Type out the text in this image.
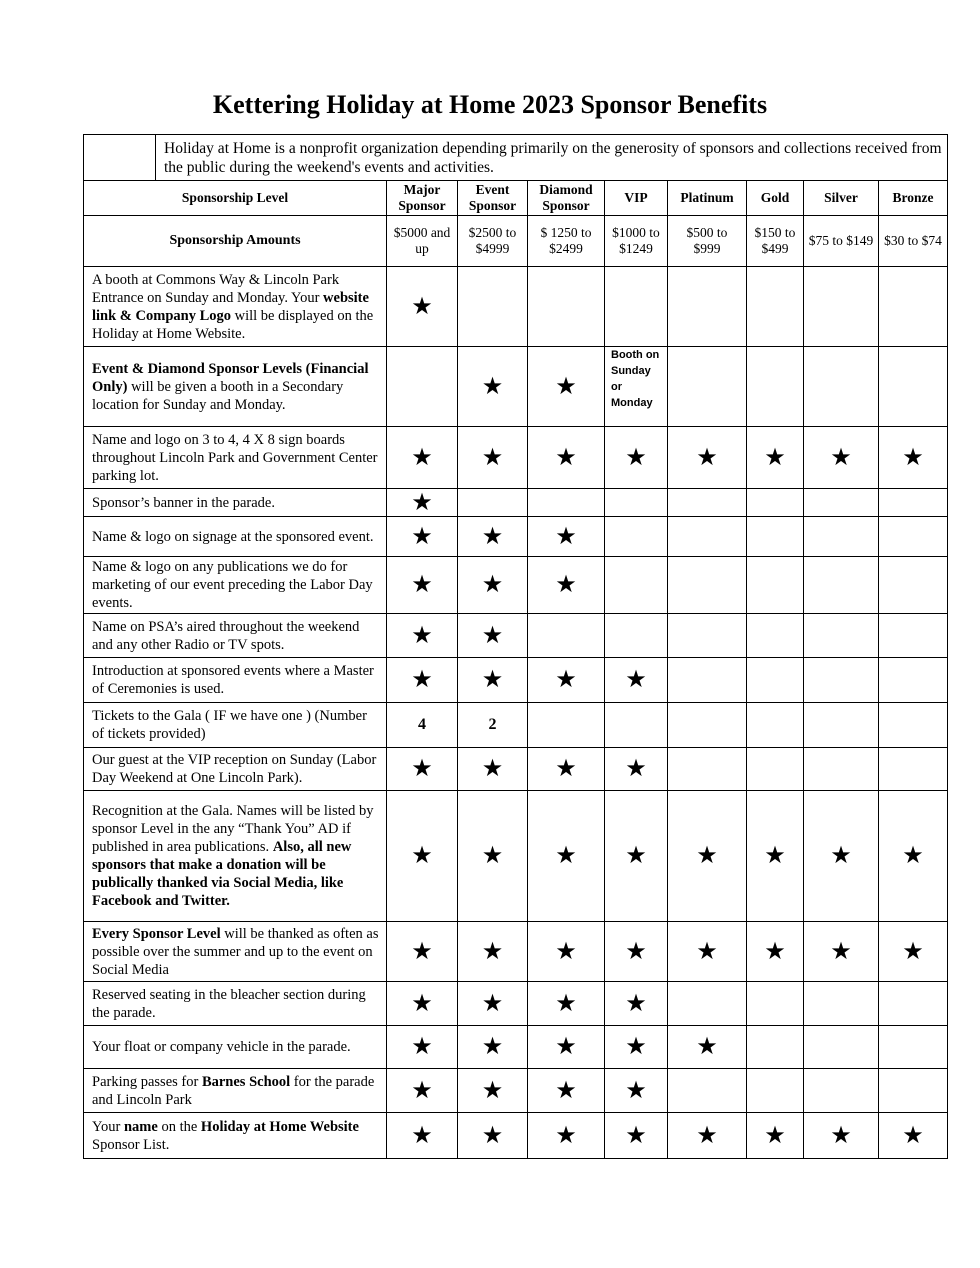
Kettering Holiday at Home 2023 Sponsor Benefits
	Holiday at Home is a nonprofit organization depending primarily on the generosity of sponsors and collections received from the public during the weekend's events and activities.								
Sponsorship Level		Major Sponsor	Event Sponsor	Diamond Sponsor	VIP	Platinum	Gold	Silver	Bronze
Sponsorship Amounts		$5000 and up	$2500 to $4999	$ 1250 to $2499	$1000 to $1249	$500 to $999	$150 to $499	$75 to $149	$30 to $74
A booth at Commons Way & Lincoln Park Entrance on Sunday and Monday. Your website link & Company Logo will be displayed on the Holiday at Home Website.		★							
Event & Diamond Sponsor Levels (Financial Only) will be given a booth in a Secondary location for Sunday and Monday.			★	★	Booth on Sunday or Monday				
Name and logo on 3 to 4, 4 X 8 sign boards throughout Lincoln Park and Government Center parking lot.		★	★	★	★	★	★	★	★
Sponsor’s banner in the parade.		★							
Name & logo on signage at the sponsored event.		★	★	★					
Name & logo on any publications we do for marketing of our event preceding the Labor Day events.		★	★	★					
Name on PSA’s aired throughout the weekend and any other Radio or TV spots.		★	★						
Introduction at sponsored events where a Master of Ceremonies is used.		★	★	★	★				
Tickets to the Gala ( IF we have one ) (Number of tickets provided)		4	2						
Our guest at the VIP reception on Sunday (Labor Day Weekend at One Lincoln Park).		★	★	★	★				
Recognition at the Gala. Names will be listed by sponsor Level in the any “Thank You” AD if published in area publications. Also, all new sponsors that make a donation will be publically thanked via Social Media, like Facebook and Twitter.		★	★	★	★	★	★	★	★
Every Sponsor Level will be thanked as often as possible over the summer and up to the event on Social Media		★	★	★	★	★	★	★	★
Reserved seating in the bleacher section during the parade.		★	★	★	★				
Your float or company vehicle in the parade.		★	★	★	★	★			
Parking passes for Barnes School for the parade and Lincoln Park		★	★	★	★				
Your name on the Holiday at Home Website Sponsor List.		★	★	★	★	★	★	★	★
